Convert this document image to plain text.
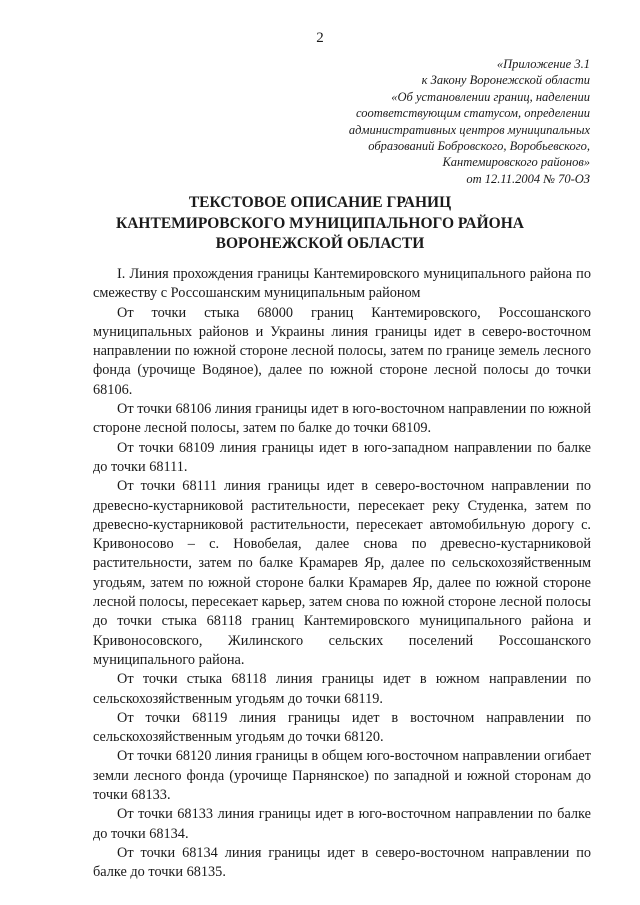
2
«Приложение 3.1
к Закону Воронежской области
«Об установлении границ, наделении
соответствующим статусом, определении
административных центров муниципальных
образований Бобровского, Воробьевского,
Кантемировского районов»
от 12.11.2004 № 70-ОЗ
ТЕКСТОВОЕ ОПИСАНИЕ ГРАНИЦ
КАНТЕМИРОВСКОГО МУНИЦИПАЛЬНОГО РАЙОНА
ВОРОНЕЖСКОЙ ОБЛАСТИ

I. Линия прохождения границы Кантемировского муниципального района по смежеству с Россошанским муниципальным районом

От точки стыка 68000 границ Кантемировского, Россошанского муниципальных районов и Украины линия границы идет в северо-восточном направлении по южной стороне лесной полосы, затем по границе земель лесного фонда (урочище Водяное), далее по южной стороне лесной полосы до точки 68106.

От точки 68106 линия границы идет в юго-восточном направлении по южной стороне лесной полосы, затем по балке до точки 68109.

От точки 68109 линия границы идет в юго-западном направлении по балке до точки 68111.

От точки 68111 линия границы идет в северо-восточном направлении по древесно-кустарниковой растительности, пересекает реку Студенка, затем по древесно-кустарниковой растительности, пересекает автомобильную дорогу с. Кривоносово – с. Новобелая, далее снова по древесно-кустарниковой растительности, затем по балке Крамарев Яр, далее по сельскохозяйственным угодьям, затем по южной стороне балки Крамарев Яр, далее по южной стороне лесной полосы, пересекает карьер, затем снова по южной стороне лесной полосы до точки стыка 68118 границ Кантемировского муниципального района и Кривоносовского, Жилинского сельских поселений Россошанского муниципального района.

От точки стыка 68118 линия границы идет в южном направлении по сельскохозяйственным угодьям до точки 68119.

От точки 68119 линия границы идет в восточном направлении по сельскохозяйственным угодьям до точки 68120.

От точки 68120 линия границы в общем юго-восточном направлении огибает земли лесного фонда (урочище Парнянское) по западной и южной сторонам до точки 68133.

От точки 68133 линия границы идет в юго-восточном направлении по балке до точки 68134.

От точки 68134 линия границы идет в северо-восточном направлении по балке до точки 68135.
